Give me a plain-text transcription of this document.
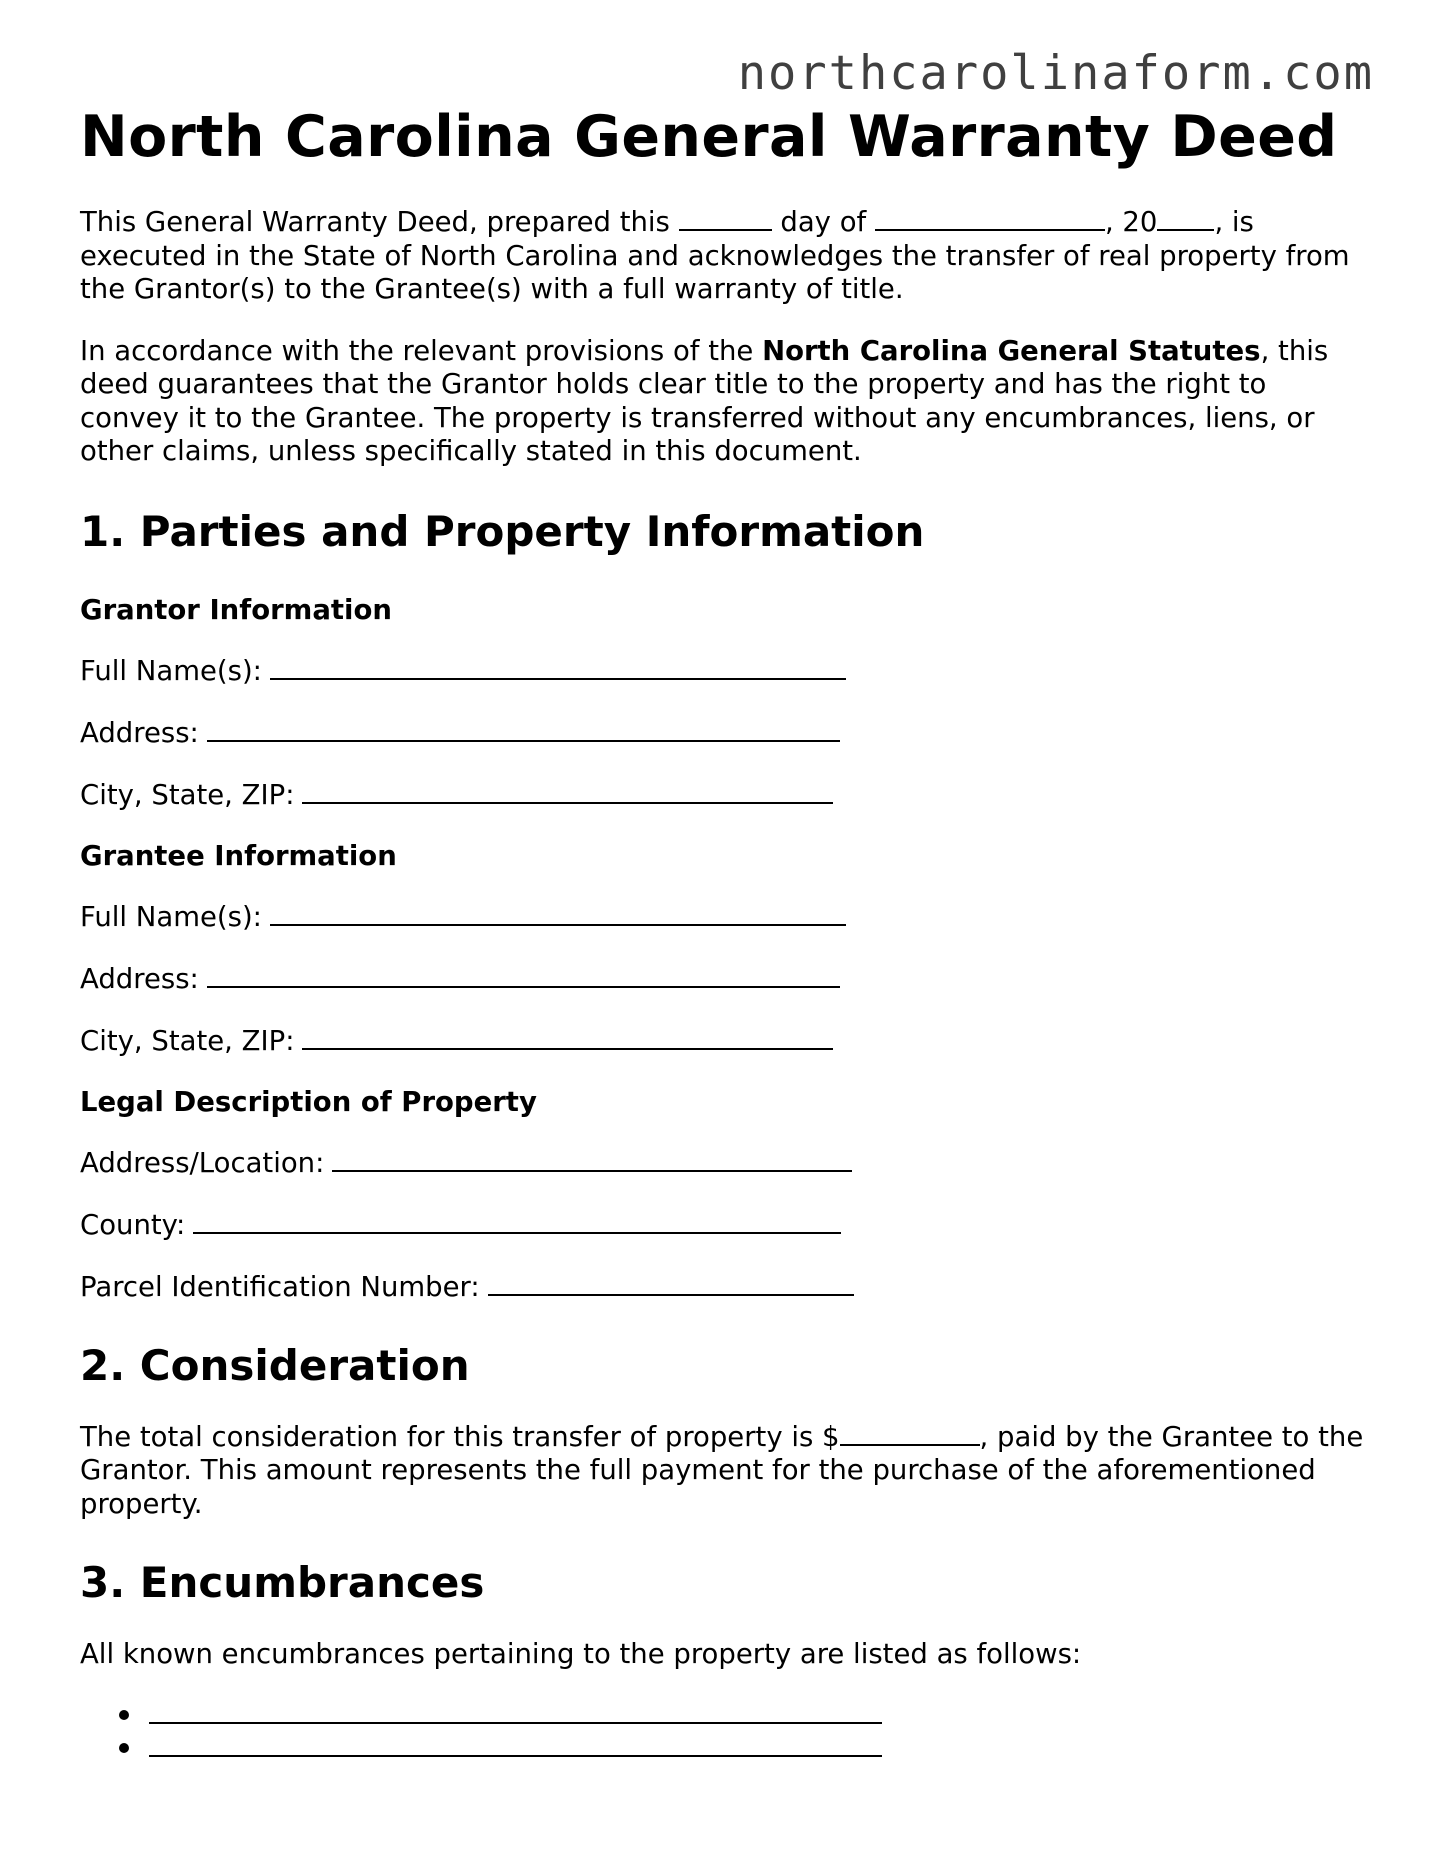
northcarolinaform.com
North Carolina General Warranty Deed

This General Warranty Deed, prepared this	day of	, 20 , is executed in the State of North Carolina and acknowledges the transfer of real property from the Grantor(s) to the Grantee(s) with a full warranty of title.

In accordance with the relevant provisions of the North Carolina General Statutes, this deed guarantees that the Grantor holds clear title to the property and has the right to convey it to the Grantee. The property is transferred without any encumbrances, liens, or other claims, unless specifically stated in this document.

1. Parties and Property Information
Grantor Information
Full Name(s):
Address:
City, State, ZIP:
Grantee Information
Full Name(s):
Address:
City, State, ZIP:
Legal Description of Property
Address/Location:
County:
Parcel Identification Number:
2. Consideration

The total consideration for this transfer of property is $	, paid by the Grantee to the Grantor. This amount represents the full payment for the purchase of the aforementioned property.

3. Encumbrances

All known encumbrances pertaining to the property are listed as follows:
